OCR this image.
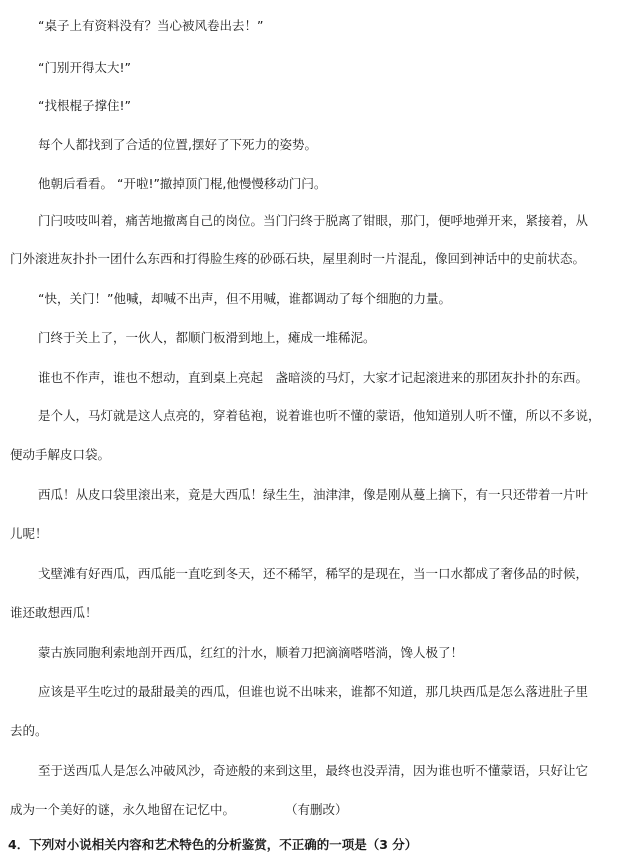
“桌子上有资料没有？当心被风卷出去！”

“门别开得太大!”

“找根棍子撑住!”

每个人都找到了合适的位置,摆好了下死力的姿势。

他朝后看看。 “开啦!”撤掉顶门棍,他慢慢移动门闩。

门闩吱吱叫着，痛苦地撤离自己的岗位。当门闩终于脱离了钳眼，那门，便呼地弹开来，紧接着，从
门外滚进灰扑扑一团什么东西和打得脸生疼的砂砾石块，屋里刹时一片混乱，像回到神话中的史前状态。

“快，关门！”他喊，却喊不出声，但不用喊，谁都调动了每个细胞的力量。

门终于关上了，一伙人，都顺门板滑到地上，瘫成一堆稀泥。

谁也不作声，谁也不想动，直到桌上亮起　盏暗淡的马灯，大家才记起滚进来的那团灰扑扑的东西。

是个人，马灯就是这人点亮的，穿着毡袍，说着谁也听不懂的蒙语，他知道别人听不懂，所以不多说，
便动手解皮口袋。

西瓜！从皮口袋里滚出来，竟是大西瓜！绿生生，油津津，像是刚从蔓上摘下，有一只还带着一片叶
儿呢！

戈壁滩有好西瓜，西瓜能一直吃到冬天，还不稀罕，稀罕的是现在，当一口水都成了奢侈品的时候，
谁还敢想西瓜！

蒙古族同胞利索地剖开西瓜，红红的汁水，顺着刀把滴滴嗒嗒淌，馋人极了！

应该是平生吃过的最甜最美的西瓜，但谁也说不出味来，谁都不知道，那几块西瓜是怎么落进肚子里
去的。

至于送西瓜人是怎么冲破风沙，奇迹般的来到这里，最终也没弄清，因为谁也听不懂蒙语，只好让它
成为一个美好的谜，永久地留在记忆中。	（有删改）

4．下列对小说相关内容和艺术特色的分析鉴赏，不正确的一项是（3 分）
